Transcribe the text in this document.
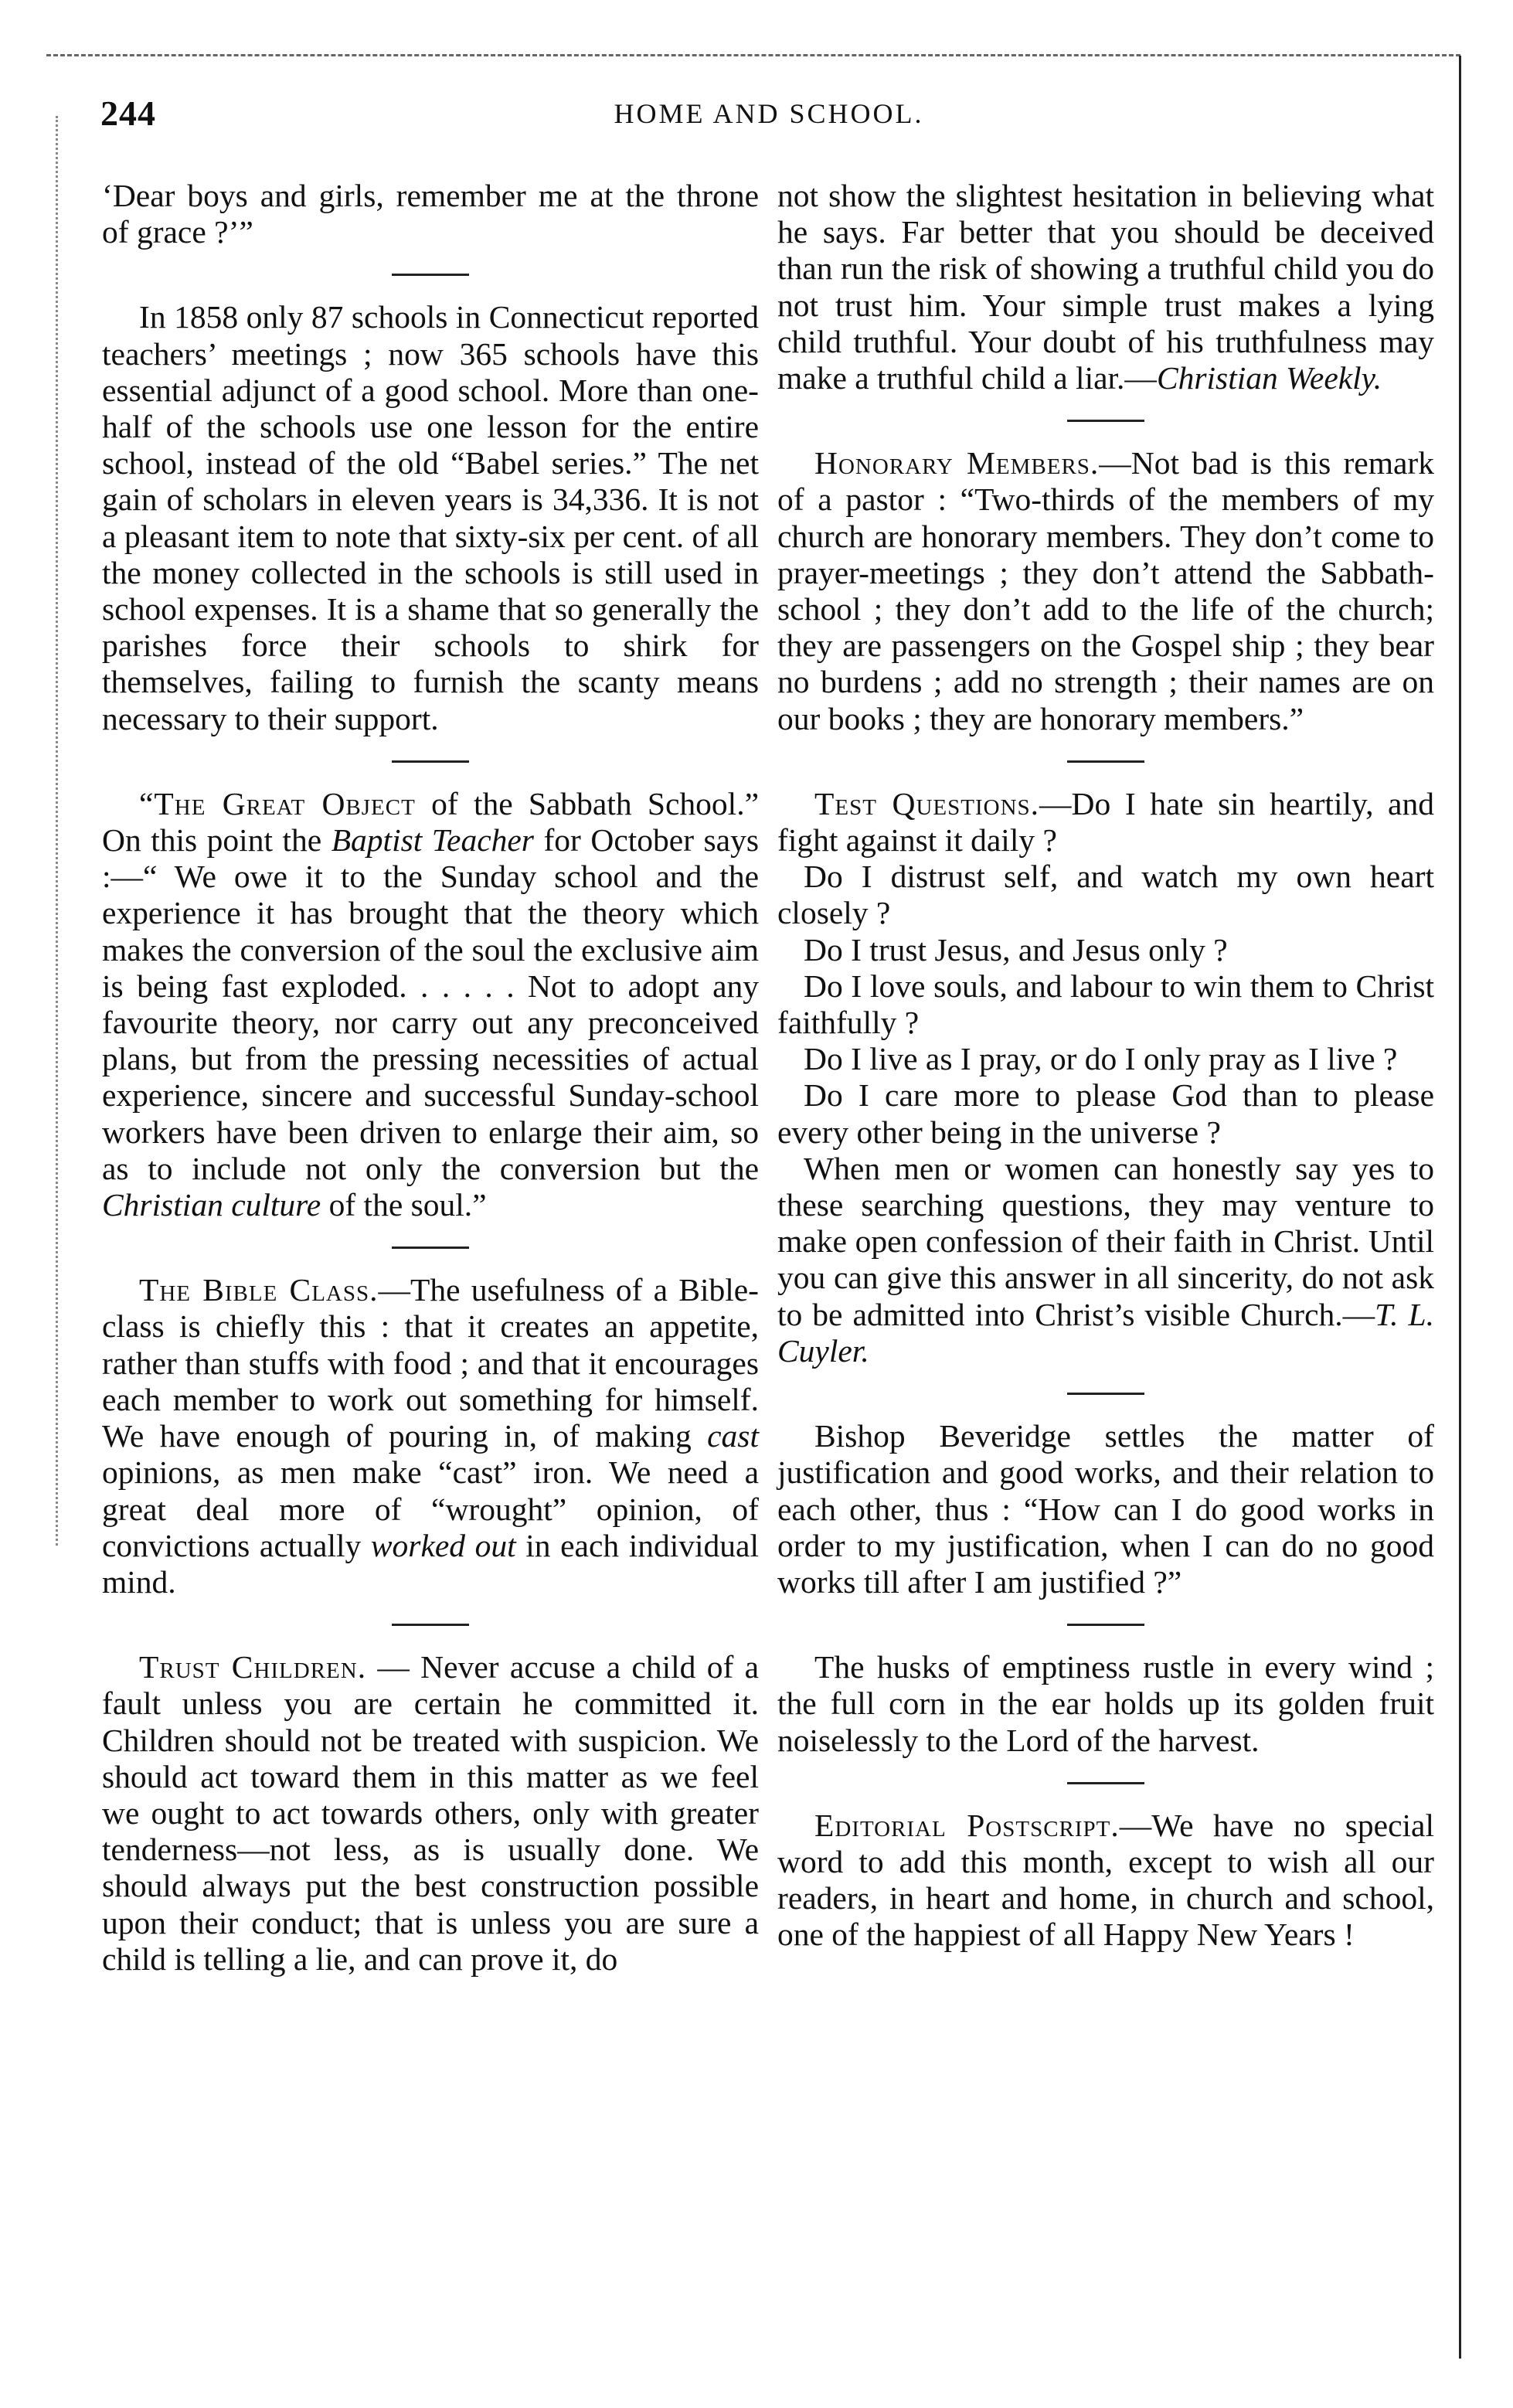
244	HOME AND SCHOOL.

‘Dear boys and girls, remember me at the throne of grace ?’”

In 1858 only 87 schools in Connecticut reported teachers’ meetings ; now 365 schools have this essential adjunct of a good school. More than one-half of the schools use one lesson for the entire school, instead of the old “Babel series.” The net gain of scholars in eleven years is 34,336. It is not a pleasant item to note that sixty-six per cent. of all the money collected in the schools is still used in school expenses. It is a shame that so generally the parishes force their schools to shirk for themselves, failing to furnish the scanty means necessary to their support.

“The Great Object of the Sabbath School.” On this point the Baptist Teacher for October says :—“ We owe it to the Sunday school and the experience it has brought that the theory which makes the conversion of the soul the exclusive aim is being fast exploded. . . . . . Not to adopt any favourite theory, nor carry out any preconceived plans, but from the pressing necessities of actual experience, sincere and successful Sunday-school workers have been driven to enlarge their aim, so as to include not only the conversion but the Christian culture of the soul.”

The Bible Class.—The usefulness of a Bible-class is chiefly this : that it creates an appetite, rather than stuffs with food ; and that it encourages each member to work out something for himself. We have enough of pouring in, of making cast opinions, as men make “cast” iron. We need a great deal more of “wrought” opinion, of convictions actually worked out in each individual mind.

Trust Children. — Never accuse a child of a fault unless you are certain he committed it. Children should not be treated with suspicion. We should act toward them in this matter as we feel we ought to act towards others, only with greater tenderness—not less, as is usually done. We should always put the best construction possible upon their conduct; that is unless you are sure a child is telling a lie, and can prove it, do

not show the slightest hesitation in believing what he says. Far better that you should be deceived than run the risk of showing a truthful child you do not trust him. Your simple trust makes a lying child truthful. Your doubt of his truthfulness may make a truthful child a liar.—Christian Weekly.

Honorary Members.—Not bad is this remark of a pastor : “Two-thirds of the members of my church are honorary members. They don’t come to prayer-meetings ; they don’t attend the Sabbath-school ; they don’t add to the life of the church; they are passengers on the Gospel ship ; they bear no burdens ; add no strength ; their names are on our books ; they are honorary members.”

Test Questions.—Do I hate sin heartily, and fight against it daily ?

Do I distrust self, and watch my own heart closely ?

Do I trust Jesus, and Jesus only ?

Do I love souls, and labour to win them to Christ faithfully ?

Do I live as I pray, or do I only pray as I live ?

Do I care more to please God than to please every other being in the universe ?

When men or women can honestly say yes to these searching questions, they may venture to make open confession of their faith in Christ. Until you can give this answer in all sincerity, do not ask to be admitted into Christ’s visible Church.—T. L. Cuyler.

Bishop Beveridge settles the matter of justification and good works, and their relation to each other, thus : “How can I do good works in order to my justification, when I can do no good works till after I am justified ?”

The husks of emptiness rustle in every wind ; the full corn in the ear holds up its golden fruit noiselessly to the Lord of the harvest.

Editorial Postscript.—We have no special word to add this month, except to wish all our readers, in heart and home, in church and school, one of the happiest of all Happy New Years !
